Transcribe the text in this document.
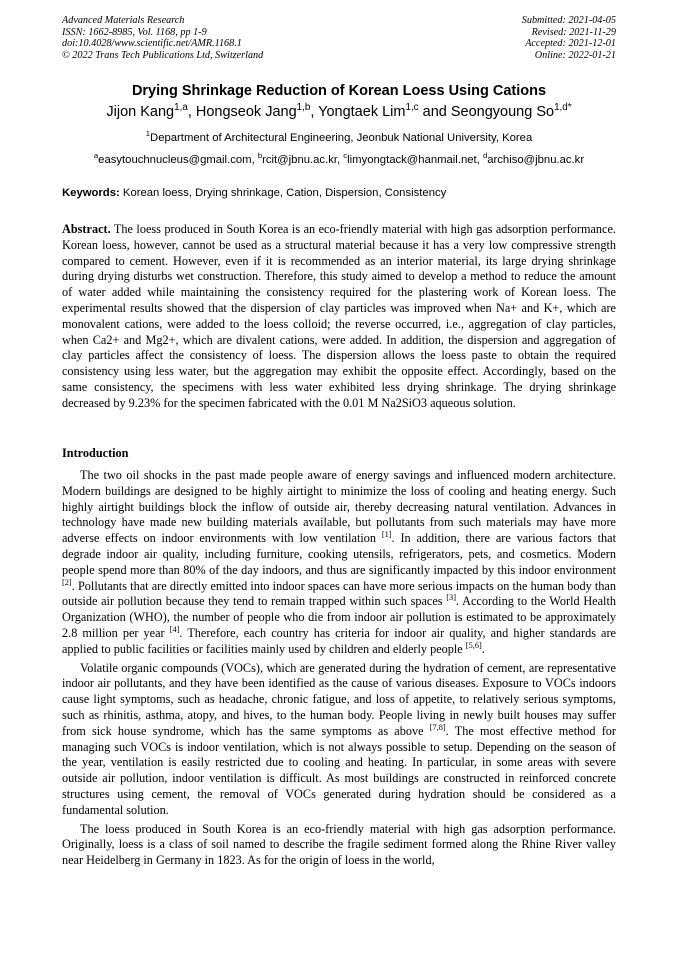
Advanced Materials Research
ISSN: 1662-8985, Vol. 1168, pp 1-9
doi:10.4028/www.scientific.net/AMR.1168.1
© 2022 Trans Tech Publications Ltd, Switzerland
Submitted: 2021-04-05
Revised: 2021-11-29
Accepted: 2021-12-01
Online: 2022-01-21
Drying Shrinkage Reduction of Korean Loess Using Cations
Jijon Kang$^{1,a}$, Hongseok Jang$^{1,b}$, Yongtaek Lim$^{1,c}$ and Seongyoung $So^{1,d*}$
$^1$Department of Architectural Engineering, Jeonbuk National University, Korea
$^a$easytouchnucleus@gmail.com, $^b$rcit@jbnu.ac.kr, $^c$limyongtack@hanmail.net, $^d$archiso@jbnu.ac.kr
Keywords: Korean loess, Drying shrinkage, Cation, Dispersion, Consistency
Abstract. The loess produced in South Korea is an eco-friendly material with high gas adsorption performance. Korean loess, however, cannot be used as a structural material because it has a very low compressive strength compared to cement. However, even if it is recommended as an interior material, its large drying shrinkage during drying disturbs wet construction. Therefore, this study aimed to develop a method to reduce the amount of water added while maintaining the consistency required for the plastering work of Korean loess. The experimental results showed that the dispersion of clay particles was improved when Na+ and K+, which are monovalent cations, were added to the loess colloid; the reverse occurred, i.e., aggregation of clay particles, when Ca2+ and Mg2+, which are divalent cations, were added. In addition, the dispersion and aggregation of clay particles affect the consistency of loess. The dispersion allows the loess paste to obtain the required consistency using less water, but the aggregation may exhibit the opposite effect. Accordingly, based on the same consistency, the specimens with less water exhibited less drying shrinkage. The drying shrinkage decreased by 9.23% for the specimen fabricated with the 0.01 M Na2SiO3 aqueous solution.
Introduction

The two oil shocks in the past made people aware of energy savings and influenced modern architecture. Modern buildings are designed to be highly airtight to minimize the loss of cooling and heating energy. Such highly airtight buildings block the inflow of outside air, thereby decreasing natural ventilation. Advances in technology have made new building materials available, but pollutants from such materials may have more adverse effects on indoor environments with low ventilation [1]. In addition, there are various factors that degrade indoor air quality, including furniture, cooking utensils, refrigerators, pets, and cosmetics. Modern people spend more than 80% of the day indoors, and thus are significantly impacted by this indoor environment [2]. Pollutants that are directly emitted into indoor spaces can have more serious impacts on the human body than outside air pollution because they tend to remain trapped within such spaces [3]. According to the World Health Organization (WHO), the number of people who die from indoor air pollution is estimated to be approximately 2.8 million per year [4]. Therefore, each country has criteria for indoor air quality, and higher standards are applied to public facilities or facilities mainly used by children and elderly people [5,6].

Volatile organic compounds (VOCs), which are generated during the hydration of cement, are representative indoor air pollutants, and they have been identified as the cause of various diseases. Exposure to VOCs indoors cause light symptoms, such as headache, chronic fatigue, and loss of appetite, to relatively serious symptoms, such as rhinitis, asthma, atopy, and hives, to the human body. People living in newly built houses may suffer from sick house syndrome, which has the same symptoms as above [7,8]. The most effective method for managing such VOCs is indoor ventilation, which is not always possible to setup. Depending on the season of the year, ventilation is easily restricted due to cooling and heating. In particular, in some areas with severe outside air pollution, indoor ventilation is difficult. As most buildings are constructed in reinforced concrete structures using cement, the removal of VOCs generated during hydration should be considered as a fundamental solution.

The loess produced in South Korea is an eco-friendly material with high gas adsorption performance. Originally, loess is a class of soil named to describe the fragile sediment formed along the Rhine River valley near Heidelberg in Germany in 1823. As for the origin of loess in the world,
